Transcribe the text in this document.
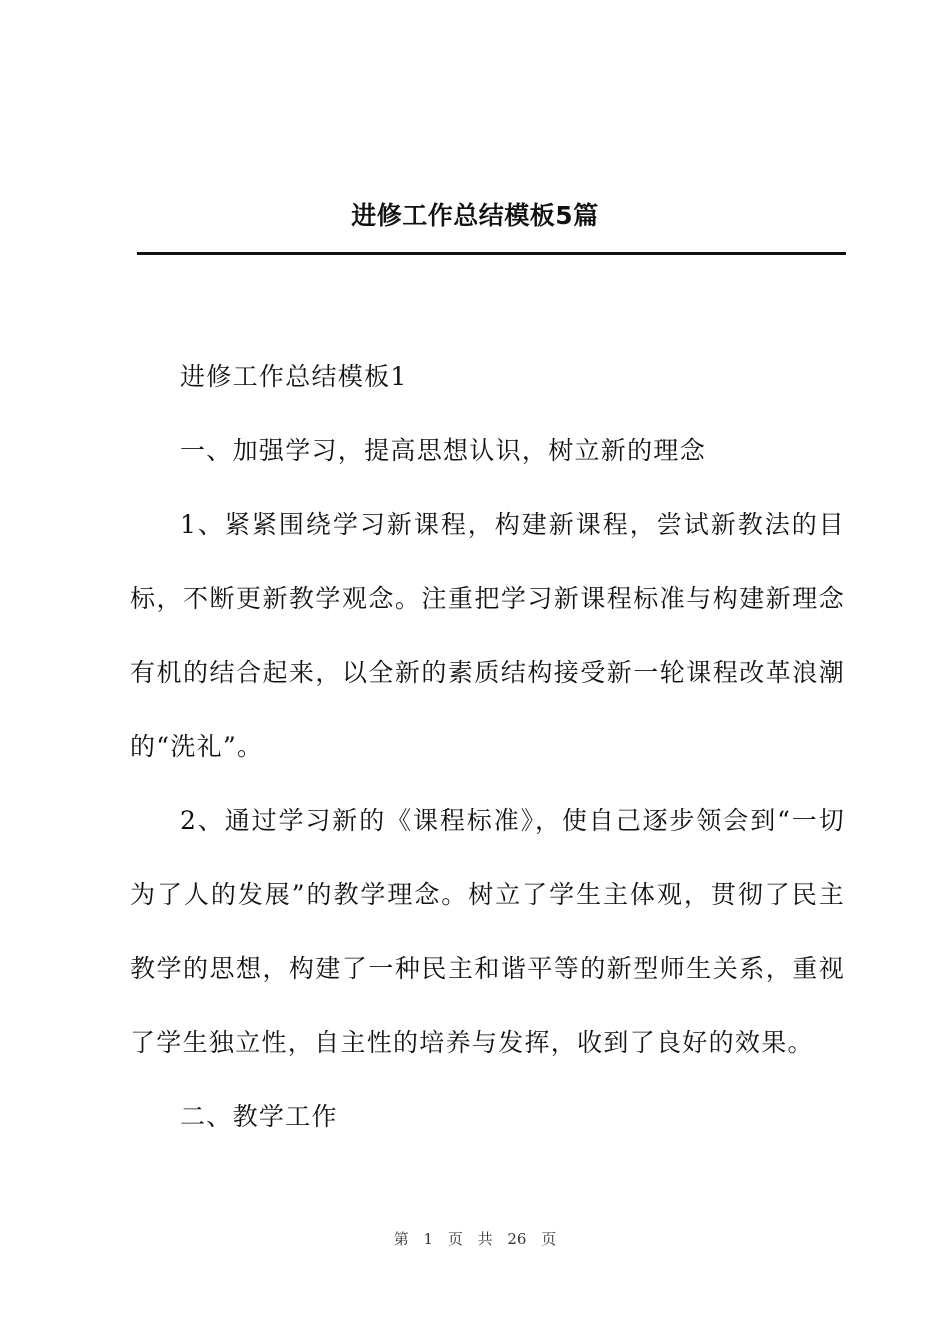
进修工作总结模板5篇

进修工作总结模板1

一、加强学习，提高思想认识，树立新的理念

1、紧紧围绕学习新课程，构建新课程，尝试新教法的目标，不断更新教学观念。注重把学习新课程标准与构建新理念有机的结合起来，以全新的素质结构接受新一轮课程改革浪潮的“洗礼”。

2、通过学习新的《课程标准》，使自己逐步领会到“一切为了人的发展”的教学理念。树立了学生主体观，贯彻了民主教学的思想，构建了一种民主和谐平等的新型师生关系，重视了学生独立性，自主性的培养与发挥，收到了良好的效果。

二、教学工作

第 1 页 共 26 页
